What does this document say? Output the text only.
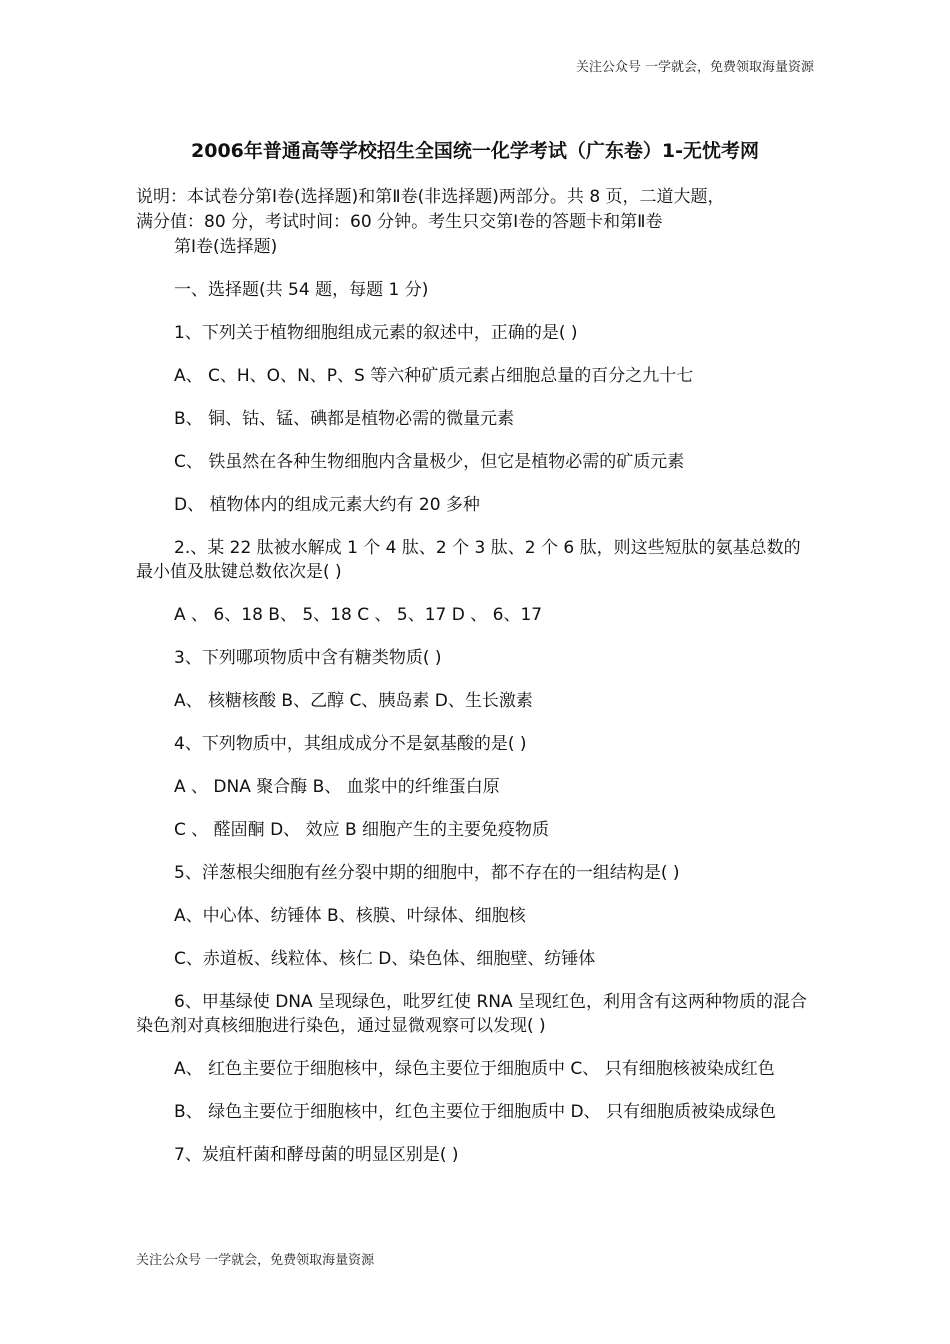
关注公众号 一学就会，免费领取海量资源
2006年普通高等学校招生全国统一化学考试（广东卷）1-无忧考网
说明：本试卷分第Ⅰ卷(选择题)和第Ⅱ卷(非选择题)两部分。共 8 页，二道大题，
满分值：80 分，考试时间：60 分钟。考生只交第Ⅰ卷的答题卡和第Ⅱ卷
第Ⅰ卷(选择题)
一、选择题(共 54 题，每题 1 分)
1、下列关于植物细胞组成元素的叙述中，正确的是( )
A、 C、H、O、N、P、S 等六种矿质元素占细胞总量的百分之九十七
B、 铜、钴、锰、碘都是植物必需的微量元素
C、 铁虽然在各种生物细胞内含量极少，但它是植物必需的矿质元素
D、 植物体内的组成元素大约有 20 多种
2.、某 22 肽被水解成 1 个 4 肽、2 个 3 肽、2 个 6 肽，则这些短肽的氨基总数的最小值及肽键总数依次是( )
A 、 6、18 B、 5、18 C 、 5、17 D 、 6、17
3、下列哪项物质中含有糖类物质( )
A、 核糖核酸 B、乙醇 C、胰岛素 D、生长激素
4、下列物质中，其组成成分不是氨基酸的是( )
A 、 DNA 聚合酶 B、 血浆中的纤维蛋白原
C 、 醛固酮 D、 效应 B 细胞产生的主要免疫物质
5、洋葱根尖细胞有丝分裂中期的细胞中，都不存在的一组结构是( )
A、中心体、纺锤体 B、核膜、叶绿体、细胞核
C、赤道板、线粒体、核仁 D、染色体、细胞壁、纺锤体
6、甲基绿使 DNA 呈现绿色，吡罗红使 RNA 呈现红色，利用含有这两种物质的混合染色剂对真核细胞进行染色，通过显微观察可以发现( )
A、 红色主要位于细胞核中，绿色主要位于细胞质中 C、 只有细胞核被染成红色
B、 绿色主要位于细胞核中，红色主要位于细胞质中 D、 只有细胞质被染成绿色
7、炭疽杆菌和酵母菌的明显区别是( )
关注公众号 一学就会，免费领取海量资源
